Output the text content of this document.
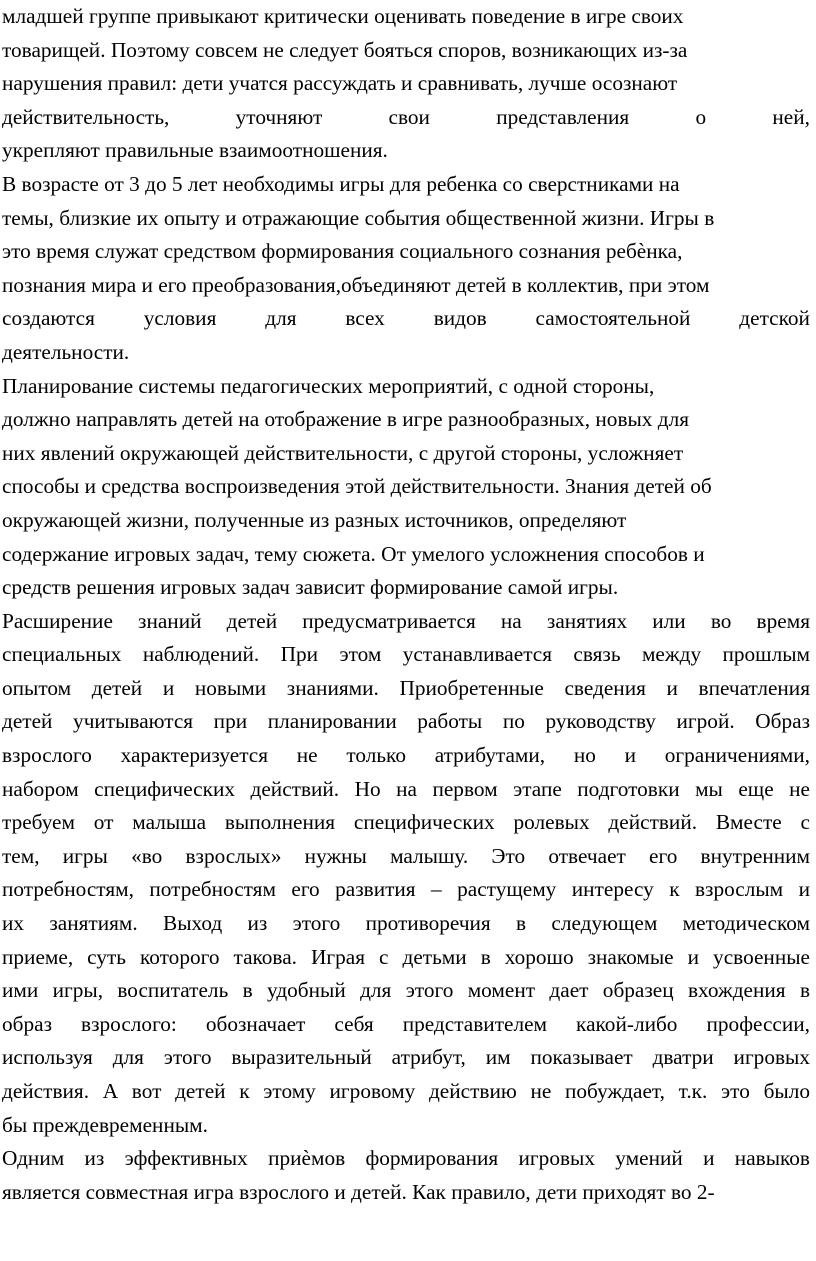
младшей группе привыкают критически оценивать поведение в игре своих
товарищей. Поэтому совсем не следует бояться споров, возникающих из-за
нарушения правил: дети учатся рассуждать и сравнивать, лучше осознают
действительность,	уточняют	свои	представления	о	ней,
укрепляют правильные взаимоотношения.

В возрасте от 3 до 5 лет необходимы игры для ребенка со сверстниками на
темы, близкие их опыту и отражающие события общественной жизни. Игры в
это время служат средством формирования социального сознания ребѐнка,
познания мира и его преобразования,объединяют детей в коллектив, при этом
создаются условия для всех видов самостоятельной детской
деятельности.

Планирование системы педагогических мероприятий, с одной стороны,
должно направлять детей на отображение в игре разнообразных, новых для
них явлений окружающей действительности, с другой стороны, усложняет
способы и средства воспроизведения этой действительности. Знания детей об
окружающей жизни, полученные из разных источников, определяют
содержание игровых задач, тему сюжета. От умелого усложнения способов и
средств решения игровых задач зависит формирование самой игры.

Расширение знаний детей предусматривается на занятиях или во время
специальных наблюдений. При этом устанавливается связь между прошлым
опытом детей и новыми знаниями. Приобретенные сведения и впечатления
детей учитываются при планировании работы по руководству игрой. Образ
взрослого характеризуется не только атрибутами, но и ограничениями,
набором специфических действий. Но на первом этапе подготовки мы еще не
требуем от малыша выполнения специфических ролевых действий. Вместе с
тем, игры «во взрослых» нужны малышу. Это отвечает его внутренним
потребностям, потребностям его развития – растущему интересу к взрослым и
их занятиям. Выход из этого противоречия в следующем методическом
приеме, суть которого такова. Играя с детьми в хорошо знакомые и усвоенные
ими игры, воспитатель в удобный для этого момент дает образец вхождения в
образ взрослого: обозначает себя представителем какой-либо профессии,
используя для этого выразительный атрибут, им показывает дватри игровых
действия. А вот детей к этому игровому действию не побуждает, т.к. это было
бы преждевременным.

Одним из эффективных приѐмов формирования игровых умений и навыков
является совместная игра взрослого и детей. Как правило, дети приходят во 2-
